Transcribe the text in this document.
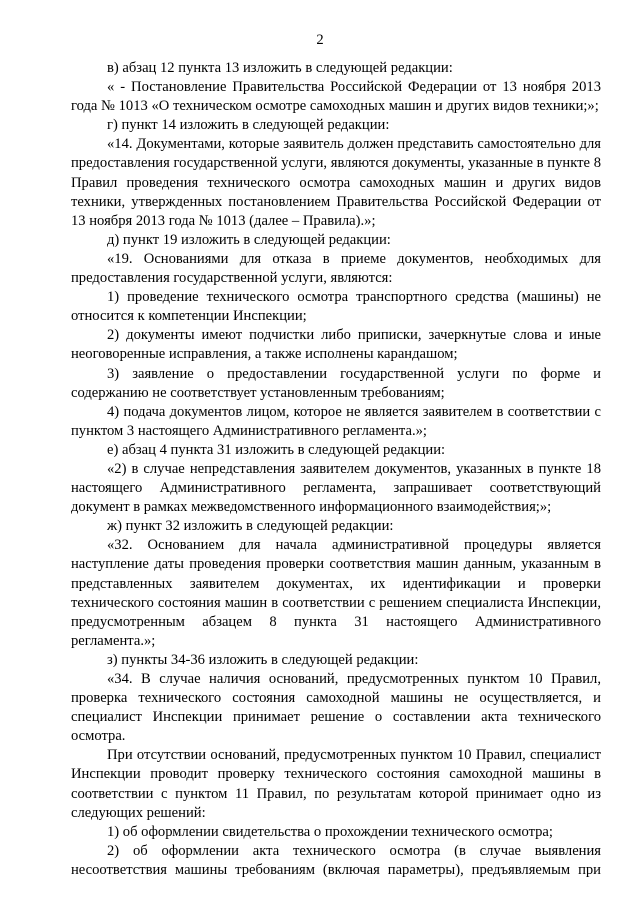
2

в) абзац 12 пункта 13 изложить в следующей редакции:

« - Постановление Правительства Российской Федерации от 13 ноября 2013 года № 1013 «О техническом осмотре самоходных машин и других видов техники;»;

г) пункт 14 изложить в следующей редакции:

«14. Документами, которые заявитель должен представить самостоятельно для предоставления государственной услуги, являются документы, указанные в пункте 8 Правил проведения технического осмотра самоходных машин и других видов техники, утвержденных постановлением Правительства Российской Федерации от 13 ноября 2013 года № 1013 (далее – Правила).»;

д) пункт 19 изложить в следующей редакции:

«19. Основаниями для отказа в приеме документов, необходимых для предоставления государственной услуги, являются:

1) проведение технического осмотра транспортного средства (машины) не относится к компетенции Инспекции;

2) документы имеют подчистки либо приписки, зачеркнутые слова и иные неоговоренные исправления, а также исполнены карандашом;

3) заявление о предоставлении государственной услуги по форме и содержанию не соответствует установленным требованиям;

4) подача документов лицом, которое не является заявителем в соответствии с пунктом 3 настоящего Административного регламента.»;

е) абзац 4 пункта 31 изложить в следующей редакции:

«2) в случае непредставления заявителем документов, указанных в пункте 18 настоящего Административного регламента, запрашивает соответствующий документ в рамках межведомственного информационного взаимодействия;»;

ж) пункт 32 изложить в следующей редакции:

«32. Основанием для начала административной процедуры является наступление даты проведения проверки соответствия машин данным, указанным в представленных заявителем документах, их идентификации и проверки технического состояния машин в соответствии с решением специалиста Инспекции, предусмотренным абзацем 8 пункта 31 настоящего Административного регламента.»;

з) пункты 34-36 изложить в следующей редакции:

«34. В случае наличия оснований, предусмотренных пунктом 10 Правил, проверка технического состояния самоходной машины не осуществляется, и специалист Инспекции принимает решение о составлении акта технического осмотра.

При отсутствии оснований, предусмотренных пунктом 10 Правил, специалист Инспекции проводит проверку технического состояния самоходной машины в соответствии с пунктом 11 Правил, по результатам которой принимает одно из следующих решений:

1) об оформлении свидетельства о прохождении технического осмотра;

2) об оформлении акта технического осмотра (в случае выявления несоответствия машины требованиям (включая параметры), предъявляемым при
